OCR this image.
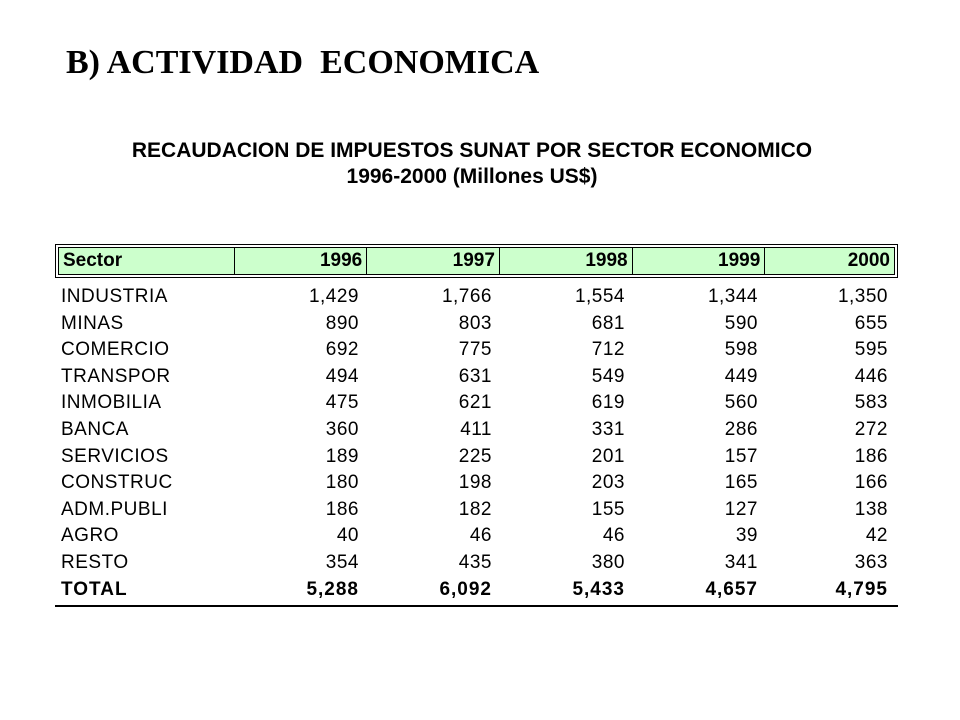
B) ACTIVIDAD  ECONOMICA
RECAUDACION DE IMPUESTOS SUNAT POR SECTOR ECONOMICO
1996-2000 (Millones US$)
Sector	1996	1997	1998	1999	2000
INDUSTRIA	1,429	1,766	1,554	1,344	1,350
MINAS	890	803	681	590	655
COMERCIO	692	775	712	598	595
TRANSPOR	494	631	549	449	446
INMOBILIA	475	621	619	560	583
BANCA	360	411	331	286	272
SERVICIOS	189	225	201	157	186
CONSTRUC	180	198	203	165	166
ADM.PUBLI	186	182	155	127	138
AGRO	40	46	46	39	42
RESTO	354	435	380	341	363
TOTAL	5,288	6,092	5,433	4,657	4,795
